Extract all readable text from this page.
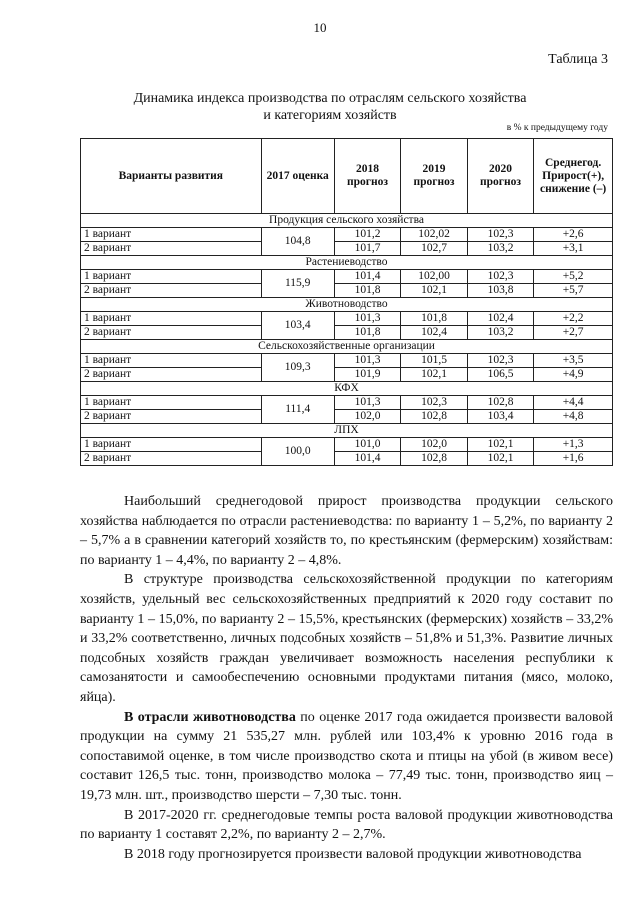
10
Таблица 3
Динамика индекса производства по отраслям сельского хозяйства
и категориям хозяйств
в % к предыдущему году
Варианты развития	2017 оценка	2018 прогноз	2019 прогноз	2020 прогноз	Среднегод. Прирост(+), снижение (–)
Продукция сельского хозяйства					
1 вариант	104,8	101,2	102,02	102,3	+2,6
2 вариант		101,7	102,7	103,2	+3,1
Растениеводство					
1 вариант	115,9	101,4	102,00	102,3	+5,2
2 вариант		101,8	102,1	103,8	+5,7
Животноводство					
1 вариант	103,4	101,3	101,8	102,4	+2,2
2 вариант		101,8	102,4	103,2	+2,7
Сельскохозяйственные организации					
1 вариант	109,3	101,3	101,5	102,3	+3,5
2 вариант		101,9	102,1	106,5	+4,9
КФХ					
1 вариант	111,4	101,3	102,3	102,8	+4,4
2 вариант		102,0	102,8	103,4	+4,8
ЛПХ					
1 вариант	100,0	101,0	102,0	102,1	+1,3
2 вариант		101,4	102,8	102,1	+1,6

Наибольший среднегодовой прирост производства продукции сельского хозяйства наблюдается по отрасли растениеводства: по варианту 1 – 5,2%, по варианту 2 – 5,7% а в сравнении категорий хозяйств то, по крестьянским (фермерским) хозяйствам: по варианту 1 – 4,4%, по варианту 2 – 4,8%.

В структуре производства сельскохозяйственной продукции по категориям хозяйств, удельный вес сельскохозяйственных предприятий к 2020 году составит по варианту 1 – 15,0%, по варианту 2 – 15,5%, крестьянских (фермерских) хозяйств – 33,2% и 33,2% соответственно, личных подсобных хозяйств – 51,8% и 51,3%. Развитие личных подсобных хозяйств граждан увеличивает возможность населения республики к самозанятости и самообеспечению основными продуктами питания (мясо, молоко, яйца).

В отрасли животноводства по оценке 2017 года ожидается произвести валовой продукции на сумму 21 535,27 млн. рублей или 103,4% к уровню 2016 года в сопоставимой оценке, в том числе производство скота и птицы на убой (в живом весе) составит 126,5 тыс. тонн, производство молока – 77,49 тыс. тонн, производство яиц – 19,73 млн. шт., производство шерсти – 7,30 тыс. тонн.

В 2017-2020 гг. среднегодовые темпы роста валовой продукции животноводства по варианту 1 составят 2,2%, по варианту 2 – 2,7%.

В 2018 году прогнозируется произвести валовой продукции животноводства
